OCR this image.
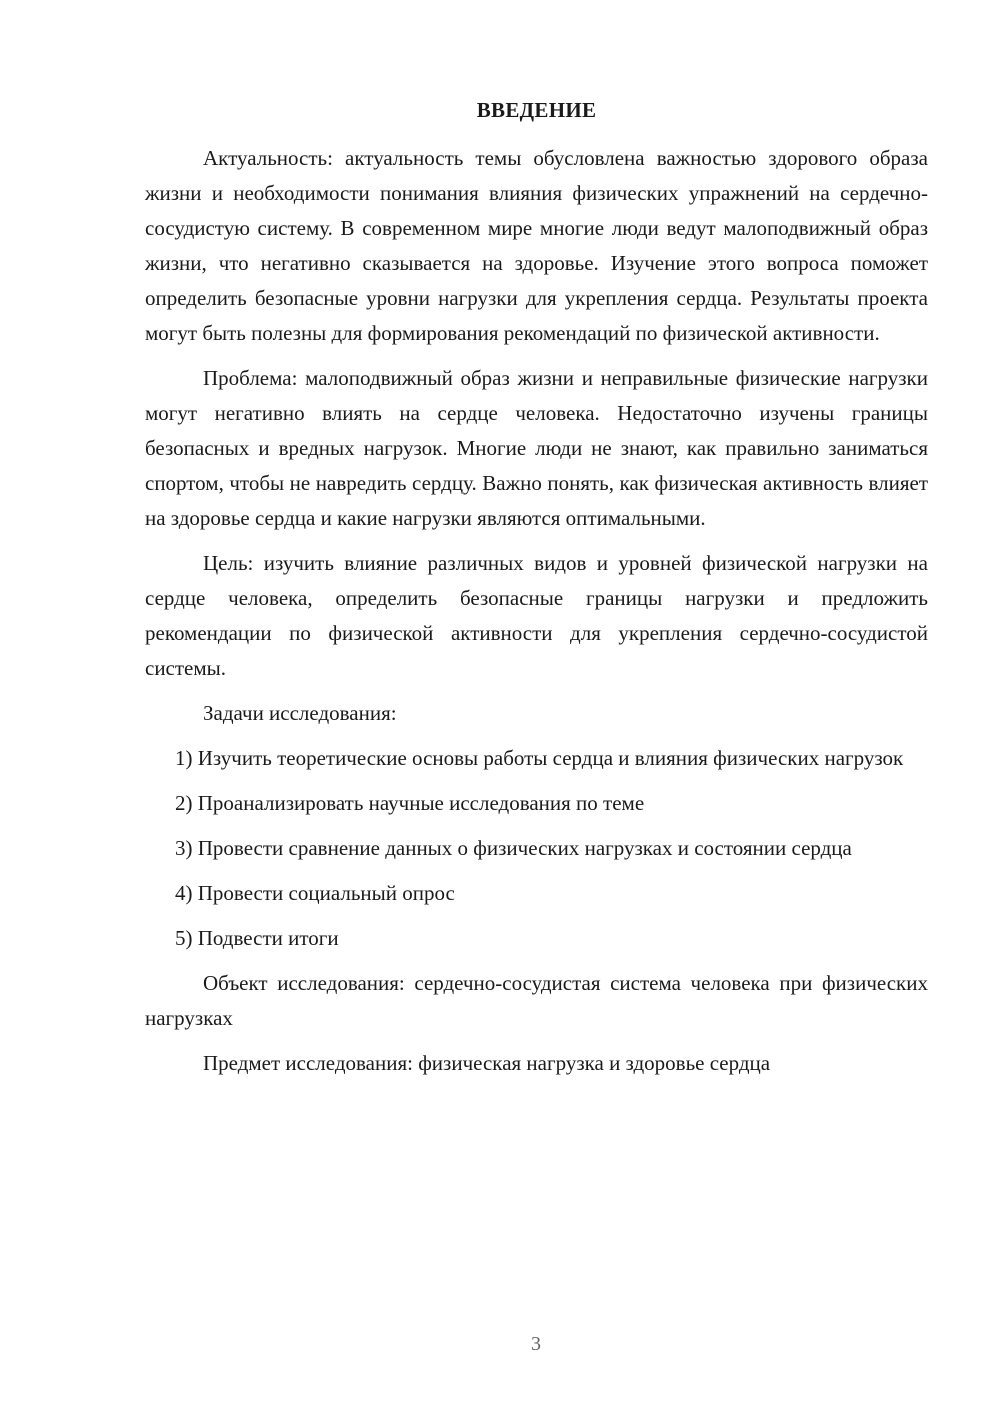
ВВЕДЕНИЕ

Актуальность: актуальность темы обусловлена важностью здорового образа жизни и необходимости понимания влияния физических упражнений на сердечно-сосудистую систему. В современном мире многие люди ведут малоподвижный образ жизни, что негативно сказывается на здоровье. Изучение этого вопроса поможет определить безопасные уровни нагрузки для укрепления сердца. Результаты проекта могут быть полезны для формирования рекомендаций по физической активности.

Проблема: малоподвижный образ жизни и неправильные физические нагрузки могут негативно влиять на сердце человека. Недостаточно изучены границы безопасных и вредных нагрузок. Многие люди не знают, как правильно заниматься спортом, чтобы не навредить сердцу. Важно понять, как физическая активность влияет на здоровье сердца и какие нагрузки являются оптимальными.

Цель: изучить влияние различных видов и уровней физической нагрузки на сердце человека, определить безопасные границы нагрузки и предложить рекомендации по физической активности для укрепления сердечно-сосудистой системы.

Задачи исследования:

1) Изучить теоретические основы работы сердца и влияния физических нагрузок

2) Проанализировать научные исследования по теме

3) Провести сравнение данных о физических нагрузках и состоянии сердца

4) Провести социальный опрос

5) Подвести итоги

Объект исследования: сердечно-сосудистая система человека при физических нагрузках

Предмет исследования: физическая нагрузка и здоровье сердца

3
